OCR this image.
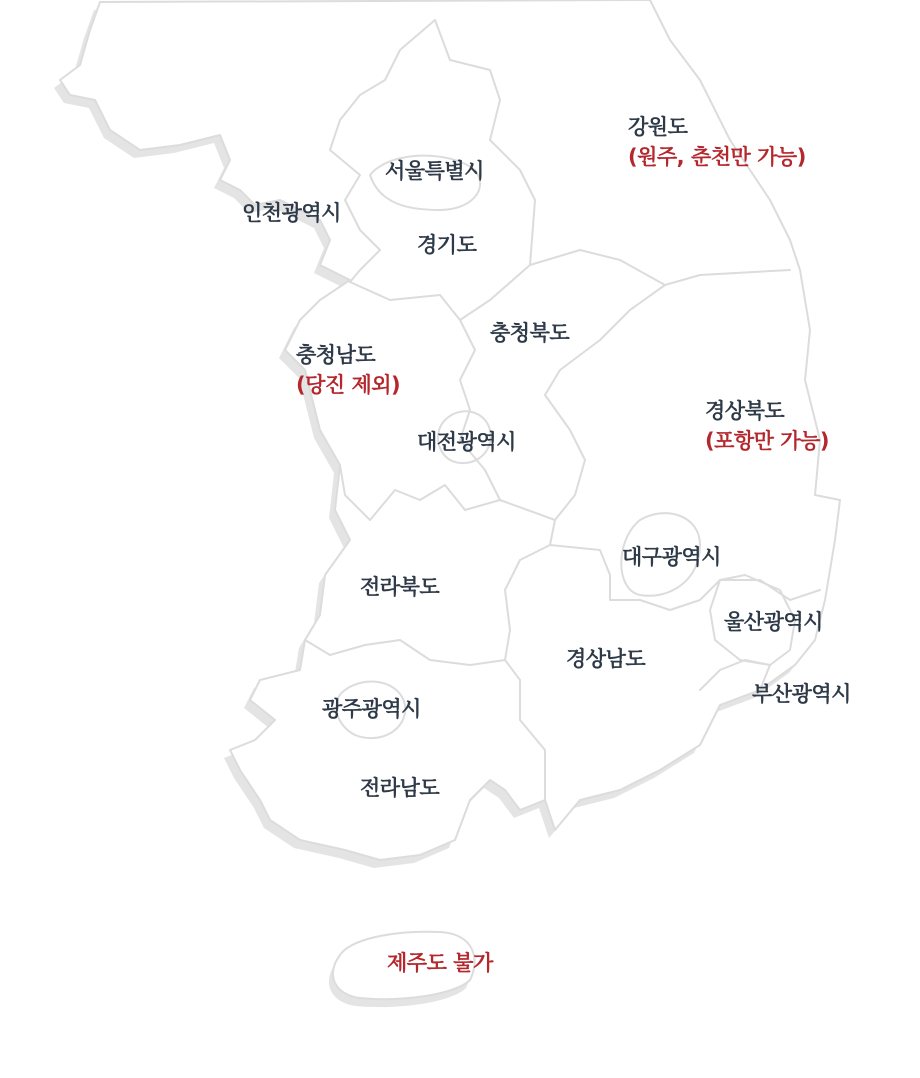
강원도
(원주, 춘천만 가능)
서울특별시
인천광역시
경기도
충청북도
충청남도
(당진 제외)
경상북도
(포항만 가능)
대전광역시
대구광역시
전라북도
울산광역시
경상남도
부산광역시
광주광역시
전라남도
제주도 불가
